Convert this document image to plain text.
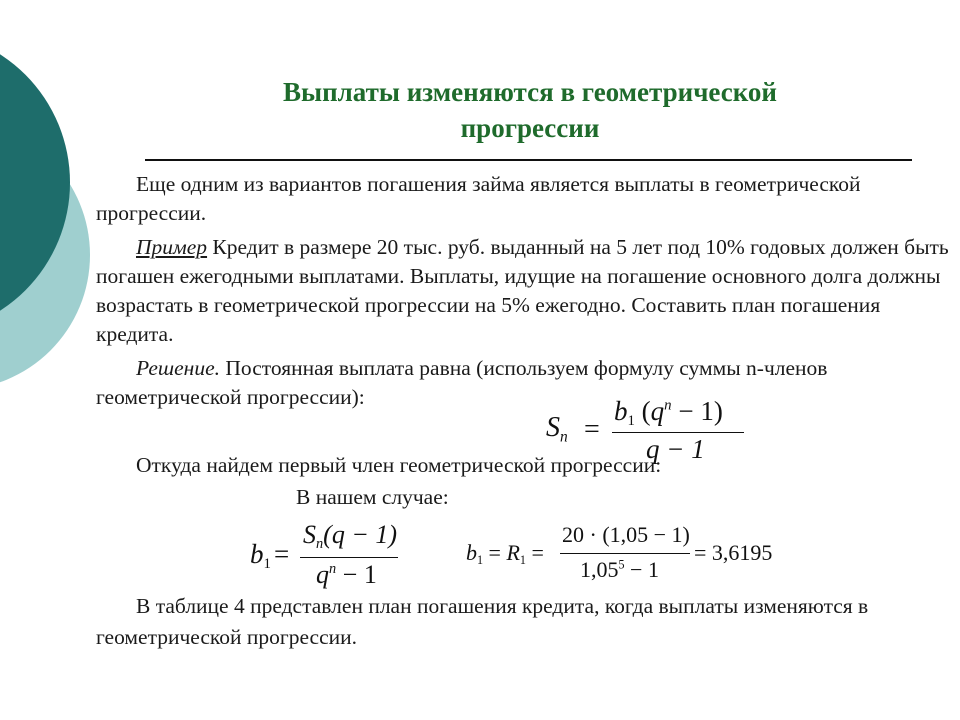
Выплаты изменяются в геометрической
прогрессии

Еще одним из вариантов погашения займа является выплаты в геометрической прогрессии.

Пример Кредит в размере 20 тыс. руб. выданный на 5 лет под 10% годовых должен быть погашен ежегодными выплатами. Выплаты, идущие на погашение основного долга должны возрастать в геометрической прогрессии на 5% ежегодно. Составить план погашения кредита.

Решение. Постоянная выплата равна (используем формулу суммы n-членов геометрической прогрессии):

$S_n$ =
$b_1$ $(q^n - 1)$
q − 1

Откуда найдем первый член геометрической прогрессии:

В нашем случае:
$b_1$ =
$S_n(q - 1)$
$q^n - 1$
$b_1 = R_1$ =
20 · (1,05 − 1)
$1,05^5 - 1$
= 3,6195

В таблице 4 представлен план погашения кредита, когда выплаты изменяются в геометрической прогрессии.
